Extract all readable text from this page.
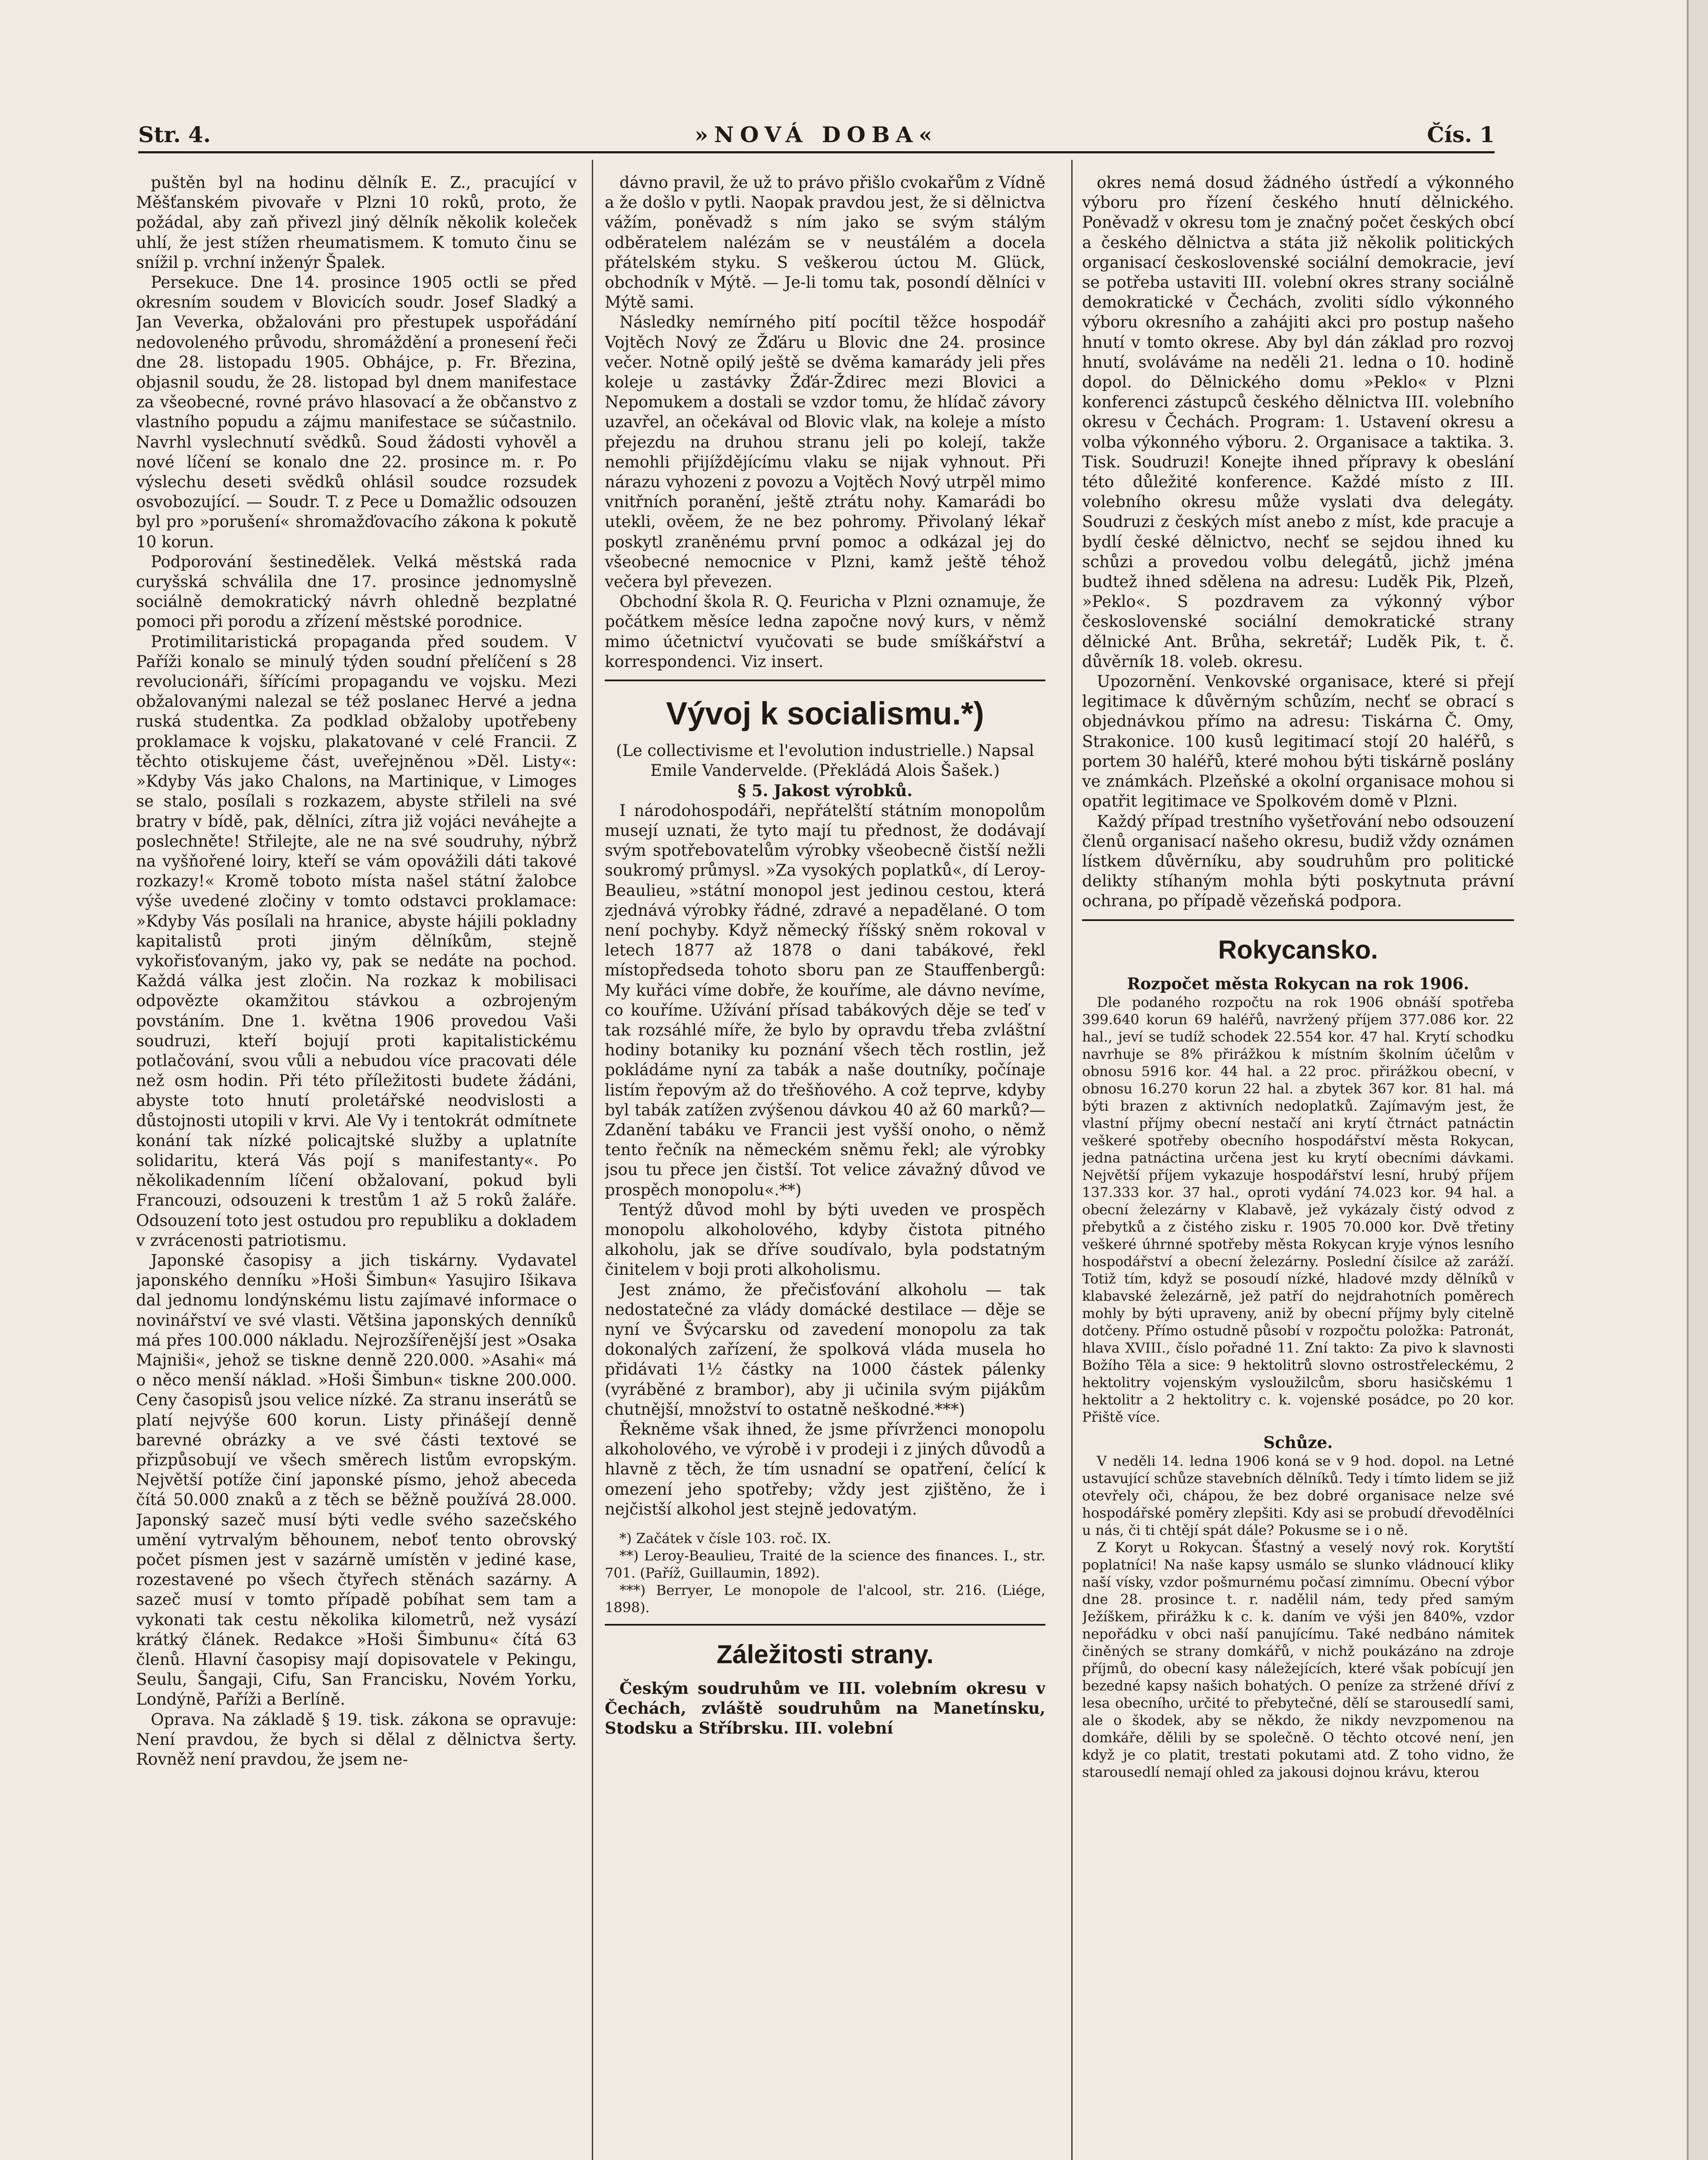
Str. 4.	»NOVÁ DOBA«	Čís. 1

puštěn byl na hodinu dělník E. Z., pracující v Měšťanském pivovaře v Plzni 10 roků, proto, že požádal, aby zaň přivezl jiný dělník několik koleček uhlí, že jest stížen rheumatismem. K tomuto činu se snížil p. vrchní inženýr Špalek.

Persekuce. Dne 14. prosince 1905 octli se před okresním soudem v Blovicích soudr. Josef Sladký a Jan Veverka, obžalováni pro přestupek uspořádání nedovoleného průvodu, shromáždění a pronesení řeči dne 28. listopadu 1905. Obhájce, p. Fr. Březina, objasnil soudu, že 28. listopad byl dnem manifestace za všeobecné, rovné právo hlasovací a že občanstvo z vlastního popudu a zájmu manifestace se súčastnilo. Navrhl vyslechnutí svědků. Soud žádosti vyhověl a nové líčení se konalo dne 22. prosince m. r. Po výslechu deseti svědků ohlásil soudce rozsudek osvobozující. — Soudr. T. z Pece u Domažlic odsouzen byl pro »porušení« shromažďovacího zákona k pokutě 10 korun.

Podporování šestinedělek. Velká městská rada curyšská schválila dne 17. prosince jednomyslně sociálně demokratický návrh ohledně bezplatné pomoci při porodu a zřízení městské porodnice.

Protimilitaristická propaganda před soudem. V Paříži konalo se minulý týden soudní přelíčení s 28 revolucionáři, šířícími propagandu ve vojsku. Mezi obžalovanými nalezal se též poslanec Hervé a jedna ruská studentka. Za podklad obžaloby upotřebeny proklamace k vojsku, plakatované v celé Francii. Z těchto otiskujeme část, uveřejněnou »Děl. Listy«: »Kdyby Vás jako Chalons, na Martinique, v Limoges se stalo, posílali s rozkazem, abyste střileli na své bratry v bídě, pak, dělníci, zítra již vojáci neváhejte a poslechněte! Střilejte, ale ne na své soudruhy, nýbrž na vyšňořené loiry, kteří se vám opovážili dáti takové rozkazy!« Kromě toboto místa našel státní žalobce výše uvedené zločiny v tomto odstavci proklamace: »Kdyby Vás posílali na hranice, abyste hájili pokladny kapitalistů proti jiným dělníkům, stejně vykořisťovaným, jako vy, pak se nedáte na pochod. Každá válka jest zločin. Na rozkaz k mobilisaci odpovězte okamžitou stávkou a ozbrojeným povstáním. Dne 1. května 1906 provedou Vaši soudruzi, kteří bojují proti kapitalistickému potlačování, svou vůli a nebudou více pracovati déle než osm hodin. Při této příležitosti budete žádáni, abyste toto hnutí proletářské neodvislosti a důstojnosti utopili v krvi. Ale Vy i tentokrát odmítnete konání tak nízké policajtské služby a uplatníte solidaritu, která Vás pojí s manifestanty«. Po několikadenním líčení obžalovaní, pokud byli Francouzi, odsouzeni k trestům 1 až 5 roků žaláře. Odsouzení toto jest ostudou pro republiku a dokladem v zvrácenosti patriotismu.

Japonské časopisy a jich tiskárny. Vydavatel japonského denníku »Hoši Šimbun« Yasujiro Išikava dal jednomu londýnskému listu zajímavé informace o novinářství ve své vlasti. Většina japonských denníků má přes 100.000 nákladu. Nejrozšířenější jest »Osaka Majniši«, jehož se tiskne denně 220.000. »Asahi« má o něco menší náklad. »Hoši Šimbun« tiskne 200.000. Ceny časopisů jsou velice nízké. Za stranu inserátů se platí nejvýše 600 korun. Listy přinášejí denně barevné obrázky a ve své části textové se přizpůsobují ve všech směrech listům evropským. Největší potíže činí japonské písmo, jehož abeceda čítá 50.000 znaků a z těch se běžně používá 28.000. Japonský sazeč musí býti vedle svého sazečského umění vytrvalým běhounem, neboť tento obrovský počet písmen jest v sazárně umístěn v jediné kase, rozestavené po všech čtyřech stěnách sazárny. A sazeč musí v tomto případě pobíhat sem tam a vykonati tak cestu několika kilometrů, než vysází krátký článek. Redakce »Hoši Šimbunu« čítá 63 členů. Hlavní časopisy mají dopisovatele v Pekingu, Seulu, Šangaji, Cifu, San Francisku, Novém Yorku, Londýně, Paříži a Berlíně.

Oprava. Na základě § 19. tisk. zákona se opravuje: Není pravdou, že bych si dělal z dělnictva šerty. Rovněž není pravdou, že jsem ne-

dávno pravil, že už to právo přišlo cvokařům z Vídně a že došlo v pytli. Naopak pravdou jest, že si dělnictva vážím, poněvadž s ním jako se svým stálým odběratelem nalézám se v neustálém a docela přátelském styku. S veškerou úctou M. Glück, obchodník v Mýtě. — Je-li tomu tak, posondí dělníci v Mýtě sami.

Následky nemírného pití pocítil těžce hospodář Vojtěch Nový ze Žďáru u Blovic dne 24. prosince večer. Notně opilý ještě se dvěma kamarády jeli přes koleje u zastávky Žďár-Ždirec mezi Blovici a Nepomukem a dostali se vzdor tomu, že hlídač závory uzavřel, an očekával od Blovic vlak, na koleje a místo přejezdu na druhou stranu jeli po kolejí, takže nemohli přijíždějícímu vlaku se nijak vyhnout. Při nárazu vyhozeni z povozu a Vojtěch Nový utrpěl mimo vnitřních poranění, ještě ztrátu nohy. Kamarádi bo utekli, ověem, že ne bez pohromy. Přivolaný lékař poskytl zraněnému první pomoc a odkázal jej do všeobecné nemocnice v Plzni, kamž ještě téhož večera byl převezen.

Obchodní škola R. Q. Feuricha v Plzni oznamuje, že počátkem měsíce ledna započne nový kurs, v němž mimo účetnictví vyučovati se bude smíškářství a korrespondenci. Viz insert.

Vývoj k socialismu.*)

(Le collectivisme et l'evolution industrielle.) Napsal Emile Vandervelde. (Překládá Alois Šašek.)

§ 5. Jakost výrobků.

I národohospodáři, nepřátelští státním monopolům musejí uznati, že tyto mají tu přednost, že dodávají svým spotřebovatelům výrobky všeobecně čistší nežli soukromý průmysl. »Za vysokých poplatků«, dí Leroy-Beaulieu, »státní monopol jest jedinou cestou, která zjednává výrobky řádné, zdravé a nepadělané. O tom není pochyby. Když německý říšský sněm rokoval v letech 1877 až 1878 o dani tabákové, řekl místopředseda tohoto sboru pan ze Stauffenbergů: My kuřáci víme dobře, že kouříme, ale dávno nevíme, co kouříme. Užívání přísad tabákových děje se teď v tak rozsáhlé míře, že bylo by opravdu třeba zvláštní hodiny botaniky ku poznání všech těch rostlin, jež pokládáme nyní za tabák a naše doutníky, počínaje listím řepovým až do třešňového. A což teprve, kdyby byl tabák zatížen zvýšenou dávkou 40 až 60 marků?— Zdanění tabáku ve Francii jest vyšší onoho, o němž tento řečník na německém sněmu řekl; ale výrobky jsou tu přece jen čistší. Tot velice závažný důvod ve prospěch monopolu«.**)

Tentýž důvod mohl by býti uveden ve prospěch monopolu alkoholového, kdyby čistota pitného alkoholu, jak se dříve soudívalo, byla podstatným činitelem v boji proti alkoholismu.

Jest známo, že přečisťování alkoholu — tak nedostatečné za vlády domácké destilace — děje se nyní ve Švýcarsku od zavedení monopolu za tak dokonalých zařízení, že spolková vláda musela ho přidávati 1½ částky na 1000 částek pálenky (vyráběné z brambor), aby ji učinila svým pijákům chutnější, množství to ostatně neškodné.***)

Řekněme však ihned, že jsme přívrženci monopolu alkoholového, ve výrobě i v prodeji i z jiných důvodů a hlavně z těch, že tím usnadní se opatření, čelící k omezení jeho spotřeby; vždy jest zjištěno, že i nejčistší alkohol jest stejně jedovatým.

*) Začátek v čísle 103. roč. IX.

**) Leroy-Beaulieu, Traité de la science des finances. I., str. 701. (Paříž, Guillaumin, 1892).

***) Berryer, Le monopole de l'alcool, str. 216. (Liége, 1898).

Záležitosti strany.

Českým soudruhům ve III. volebním okresu v Čechách, zvláště soudruhům na Manetínsku, Stodsku a Stříbrsku. III. volební

okres nemá dosud žádného ústředí a výkonného výboru pro řízení českého hnutí dělnického. Poněvadž v okresu tom je značný počet českých obcí a českého dělnictva a státa již několik politických organisací československé sociální demokracie, jeví se potřeba ustaviti III. volební okres strany sociálně demokratické v Čechách, zvoliti sídlo výkonného výboru okresního a zahájiti akci pro postup našeho hnutí v tomto okrese. Aby byl dán základ pro rozvoj hnutí, svoláváme na neděli 21. ledna o 10. hodině dopol. do Dělnického domu »Peklo« v Plzni konferenci zástupců českého dělnictva III. volebního okresu v Čechách. Program: 1. Ustavení okresu a volba výkonného výboru. 2. Organisace a taktika. 3. Tisk. Soudruzi! Konejte ihned přípravy k obeslání této důležité konference. Každé místo z III. volebního okresu může vyslati dva delegáty. Soudruzi z českých míst anebo z míst, kde pracuje a bydlí české dělnictvo, nechť se sejdou ihned ku schůzi a provedou volbu delegátů, jichž jména budtež ihned sdělena na adresu: Luděk Pik, Plzeň, »Peklo«. S pozdravem za výkonný výbor československé sociální demokratické strany dělnické Ant. Brůha, sekretář; Luděk Pik, t. č. důvěrník 18. voleb. okresu.

Upozornění. Venkovské organisace, které si přejí legitimace k důvěrným schůzím, nechť se obrací s objednávkou přímo na adresu: Tiskárna Č. Omy, Strakonice. 100 kusů legitimací stojí 20 haléřů, s portem 30 haléřů, které mohou býti tiskárně poslány ve známkách. Plzeňské a okolní organisace mohou si opatřit legitimace ve Spolkovém domě v Plzni.

Každý případ trestního vyšetřování nebo odsouzení členů organisací našeho okresu, budiž vždy oznámen lístkem důvěrníku, aby soudruhům pro politické delikty stíhaným mohla býti poskytnuta právní ochrana, po případě vězeňská podpora.

Rokycansko.

Rozpočet města Rokycan na rok 1906.

Dle podaného rozpočtu na rok 1906 obnáší spotřeba 399.640 korun 69 haléřů, navržený příjem 377.086 kor. 22 hal., jeví se tudíž schodek 22.554 kor. 47 hal. Krytí schodku navrhuje se 8% přirážkou k místním školním účelům v obnosu 5916 kor. 44 hal. a 22 proc. přirážkou obecní, v obnosu 16.270 korun 22 hal. a zbytek 367 kor. 81 hal. má býti brazen z aktivních nedoplatků. Zajímavým jest, že vlastní příjmy obecní nestačí ani krytí čtrnáct patnáctin veškeré spotřeby obecního hospodářství města Rokycan, jedna patnáctina určena jest ku krytí obecními dávkami. Největší příjem vykazuje hospodářství lesní, hrubý příjem 137.333 kor. 37 hal., oproti vydání 74.023 kor. 94 hal. a obecní železárny v Klabavě, jež vykázaly čistý odvod z přebytků a z čistého zisku r. 1905 70.000 kor. Dvě třetiny veškeré úhrnné spotřeby města Rokycan kryje výnos lesního hospodářství a obecní železárny. Poslední čísilce až zaráží. Totiž tím, když se posoudí nízké, hladové mzdy dělníků v klabavské železárně, jež patří do nejdrahotních poměrech mohly by býti upraveny, aniž by obecní příjmy byly citelně dotčeny. Přímo ostudně působí v rozpočtu položka: Patronát, hlava XVIII., číslo pořadné 11. Zní takto: Za pivo k slavnosti Božího Těla a sice: 9 hektolitrů slovno ostrostřeleckému, 2 hektolitry vojenským vysloužilcům, sboru hasičskému 1 hektolitr a 2 hektolitry c. k. vojenské posádce, po 20 kor. Přiště více.

Schůze.

V neděli 14. ledna 1906 koná se v 9 hod. dopol. na Letné ustavující schůze stavebních dělníků. Tedy i tímto lidem se již otevřely oči, chápou, že bez dobré organisace nelze své hospodářské poměry zlepšiti. Kdy asi se probudí dřevodělníci u nás, či ti chtějí spát dále? Pokusme se i o ně.

Z Koryt u Rokycan. Šťastný a veselý nový rok. Korytští poplatníci! Na naše kapsy usmálo se slunko vládnoucí kliky naší vísky, vzdor pošmurnému počasí zimnímu. Obecní výbor dne 28. prosince t. r. nadělil nám, tedy před samým Ježíškem, přirážku k c. k. daním ve výši jen 840%, vzdor nepořádku v obci naší panujícímu. Také nedbáno námitek činěných se strany domkářů, v nichž poukázáno na zdroje příjmů, do obecní kasy náležejících, které však pobícují jen bezedné kapsy našich bohatých. O peníze za stržené dříví z lesa obecního, určité to přebytečné, dělí se starousedlí sami, ale o škodek, aby se někdo, že nikdy nevzpomenou na domkáře, dělili by se společně. O těchto otcové není, jen když je co platit, trestati pokutami atd. Z toho vidno, že starousedlí nemají ohled za jakousi dojnou krávu, kterou
